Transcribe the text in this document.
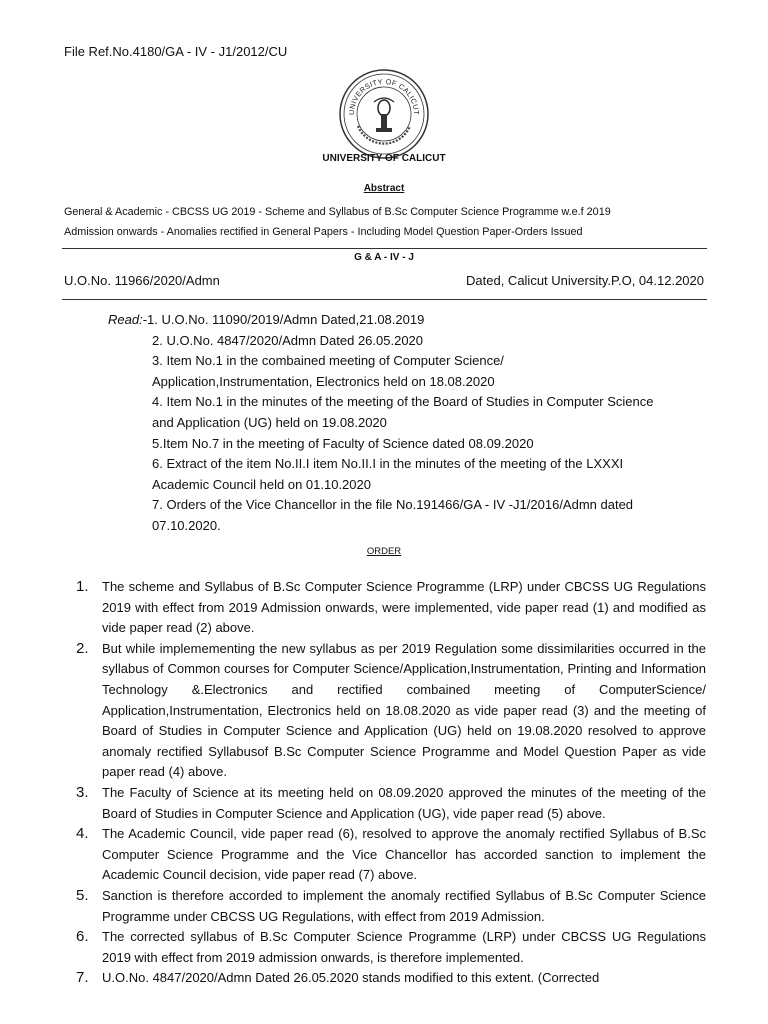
File Ref.No.4180/GA - IV - J1/2012/CU
UNIVERSITY OF CALICUT
UNIVERSITY OF CALICUT
Abstract
General & Academic - CBCSS UG 2019 - Scheme and Syllabus of B.Sc Computer Science Programme w.e.f 2019
Admission onwards - Anomalies rectified in General Papers - Including Model Question Paper-Orders Issued
G & A - IV - J
U.O.No. 11966/2020/Admn	Dated, Calicut University.P.O, 04.12.2020
Read:-1. U.O.No. 11090/2019/Admn Dated,21.08.2019
2. U.O.No. 4847/2020/Admn Dated 26.05.2020
3. Item No.1 in the combained meeting of Computer Science/
Application,Instrumentation, Electronics held on 18.08.2020
4. Item No.1 in the minutes of the meeting of the Board of Studies in Computer Science
and Application (UG) held on 19.08.2020
5.Item No.7 in the meeting of Faculty of Science dated 08.09.2020
6. Extract of the item No.II.I item No.II.I in the minutes of the meeting of the LXXXI
Academic Council held on 01.10.2020
7. Orders of the Vice Chancellor in the file No.191466/GA - IV -J1/2016/Admn dated
07.10.2020.
ORDER
1.	The scheme and Syllabus of B.Sc Computer Science Programme (LRP) under CBCSS UG Regulations 2019 with effect from 2019 Admission onwards, were implemented, vide paper read (1) and modified as vide paper read (2) above.
2.	But while implemementing the new syllabus as per 2019 Regulation some dissimilarities occurred in the syllabus of Common courses for Computer Science/Application,Instrumentation, Printing and Information Technology &.Electronics and rectified combained meeting of ComputerScience/ Application,Instrumentation, Electronics held on 18.08.2020 as vide paper read (3) and the meeting of Board of Studies in Computer Science and Application (UG) held on 19.08.2020 resolved to approve anomaly rectified Syllabusof B.Sc Computer Science Programme and Model Question Paper as vide paper read (4) above.
3.	The Faculty of Science at its meeting held on 08.09.2020 approved the minutes of the meeting of the Board of Studies in Computer Science and Application (UG), vide paper read (5) above.
4.	The Academic Council, vide paper read (6), resolved to approve the anomaly rectified Syllabus of B.Sc Computer Science Programme and the Vice Chancellor has accorded sanction to implement the Academic Council decision, vide paper read (7) above.
5.	Sanction is therefore accorded to implement the anomaly rectified Syllabus of B.Sc Computer Science Programme under CBCSS UG Regulations, with effect from 2019 Admission.
6.	The corrected syllabus of B.Sc Computer Science Programme (LRP) under CBCSS UG Regulations 2019 with effect from 2019 admission onwards, is therefore implemented.
7.	U.O.No. 4847/2020/Admn Dated 26.05.2020 stands modified to this extent. (Corrected
